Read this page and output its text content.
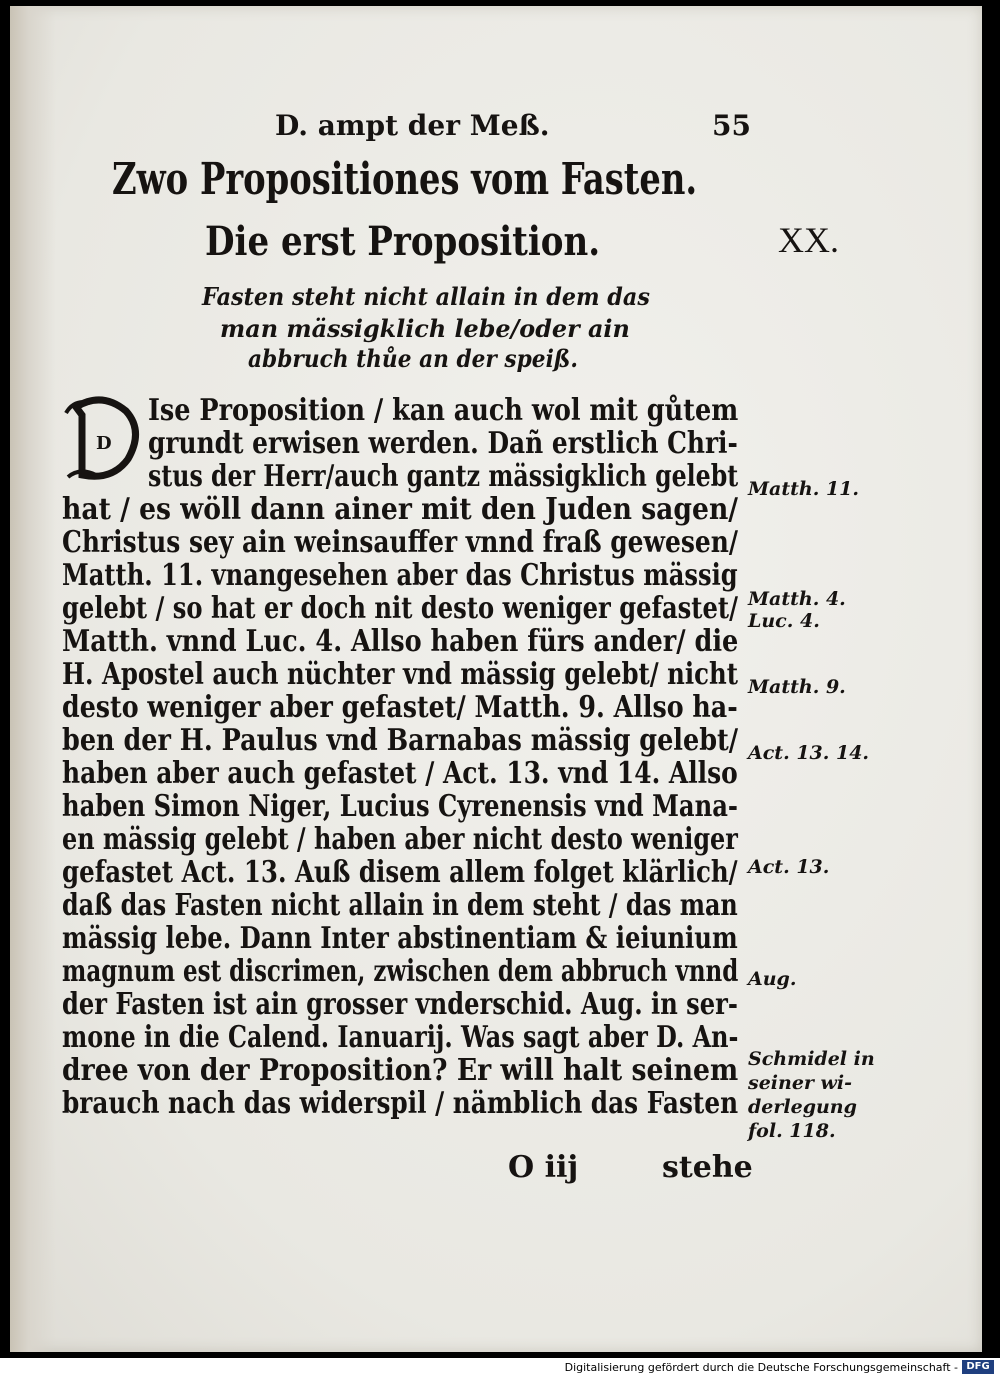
D. ampt der Meß.	55
Zwo Propositiones vom Fasten.
Die erst Proposition.	XX.
Fasten steht nicht allain in dem das
man mässigklich lebe/oder ain
abbruch thůe an der speiß.
D
Ise Proposition / kan auch wol mit gůtem
grundt erwisen werden. Dañ erstlich Chri-
stus der Herr/auch gantz mässigklich gelebt
hat / es wöll dann ainer mit den Juden sagen/
Christus sey ain weinsauffer vnnd fraß gewesen/
Matth. 11. vnangesehen aber das Christus mässig
gelebt / so hat er doch nit desto weniger gefastet/
Matth. vnnd Luc. 4. Allso haben fürs ander/ die
H. Apostel auch nüchter vnd mässig gelebt/ nicht
desto weniger aber gefastet/ Matth. 9. Allso ha-
ben der H. Paulus vnd Barnabas mässig gelebt/
haben aber auch gefastet / Act. 13. vnd 14. Allso
haben Simon Niger, Lucius Cyrenensis vnd Mana-
en mässig gelebt / haben aber nicht desto weniger
gefastet Act. 13. Auß disem allem folget klärlich/
daß das Fasten nicht allain in dem steht / das man
mässig lebe. Dann Inter abstinentiam & ieiunium
magnum est discrimen, zwischen dem abbruch vnnd
der Fasten ist ain grosser vnderschid. Aug. in ser-
mone in die Calend. Ianuarij. Was sagt aber D. An-
dree von der Proposition? Er will halt seinem
brauch nach das widerspil / nämblich das Fasten
Matth. 11.
Matth. 4.
Luc. 4.
Matth. 9.
Act. 13. 14.
Act. 13.
Aug.
Schmidel in
seiner wi-
derlegung
fol. 118.
O iij	stehe
Digitalisierung gefördert durch die Deutsche Forschungsgemeinschaft - DFG
